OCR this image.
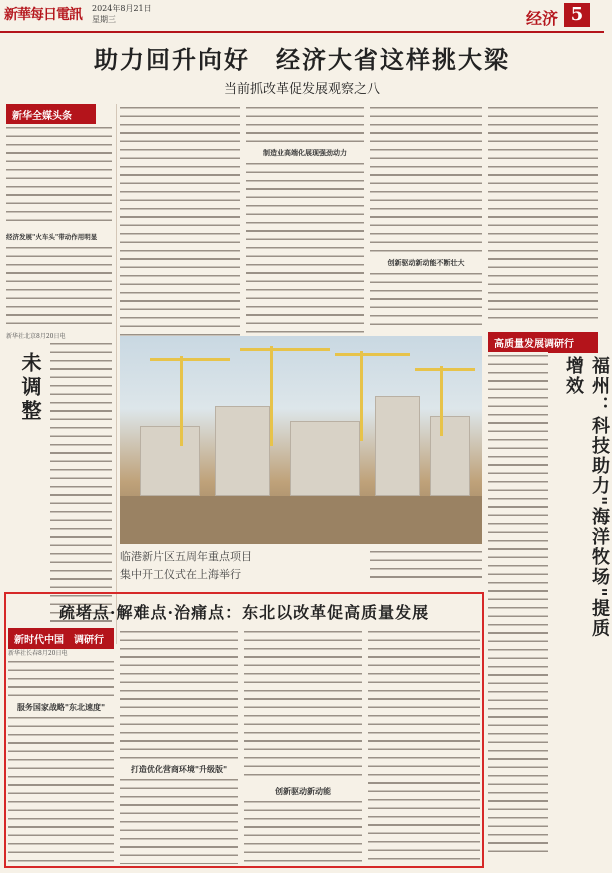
新華每日電訊 2024年8月21日
星期三	经济 5
助力回升向好　经济大省这样挑大梁
当前抓改革促发展观察之八
新华全媒头条
经济发展"火车头"带动作用明显
未调整
新华社北京8月20日电
制造业高端化展现强劲动力
创新驱动新动能不断壮大
临港新片区五周年重点项目
集中开工仪式在上海举行
高质量发展调研行
福州：科技助力"海洋牧场"提质增效
疏堵点·解难点·治痛点：东北以改革促高质量发展
新时代中国　调研行
新华社长春8月20日电
服务国家战略"东北速度"
打造优化营商环境"升级版"
创新驱动新动能
